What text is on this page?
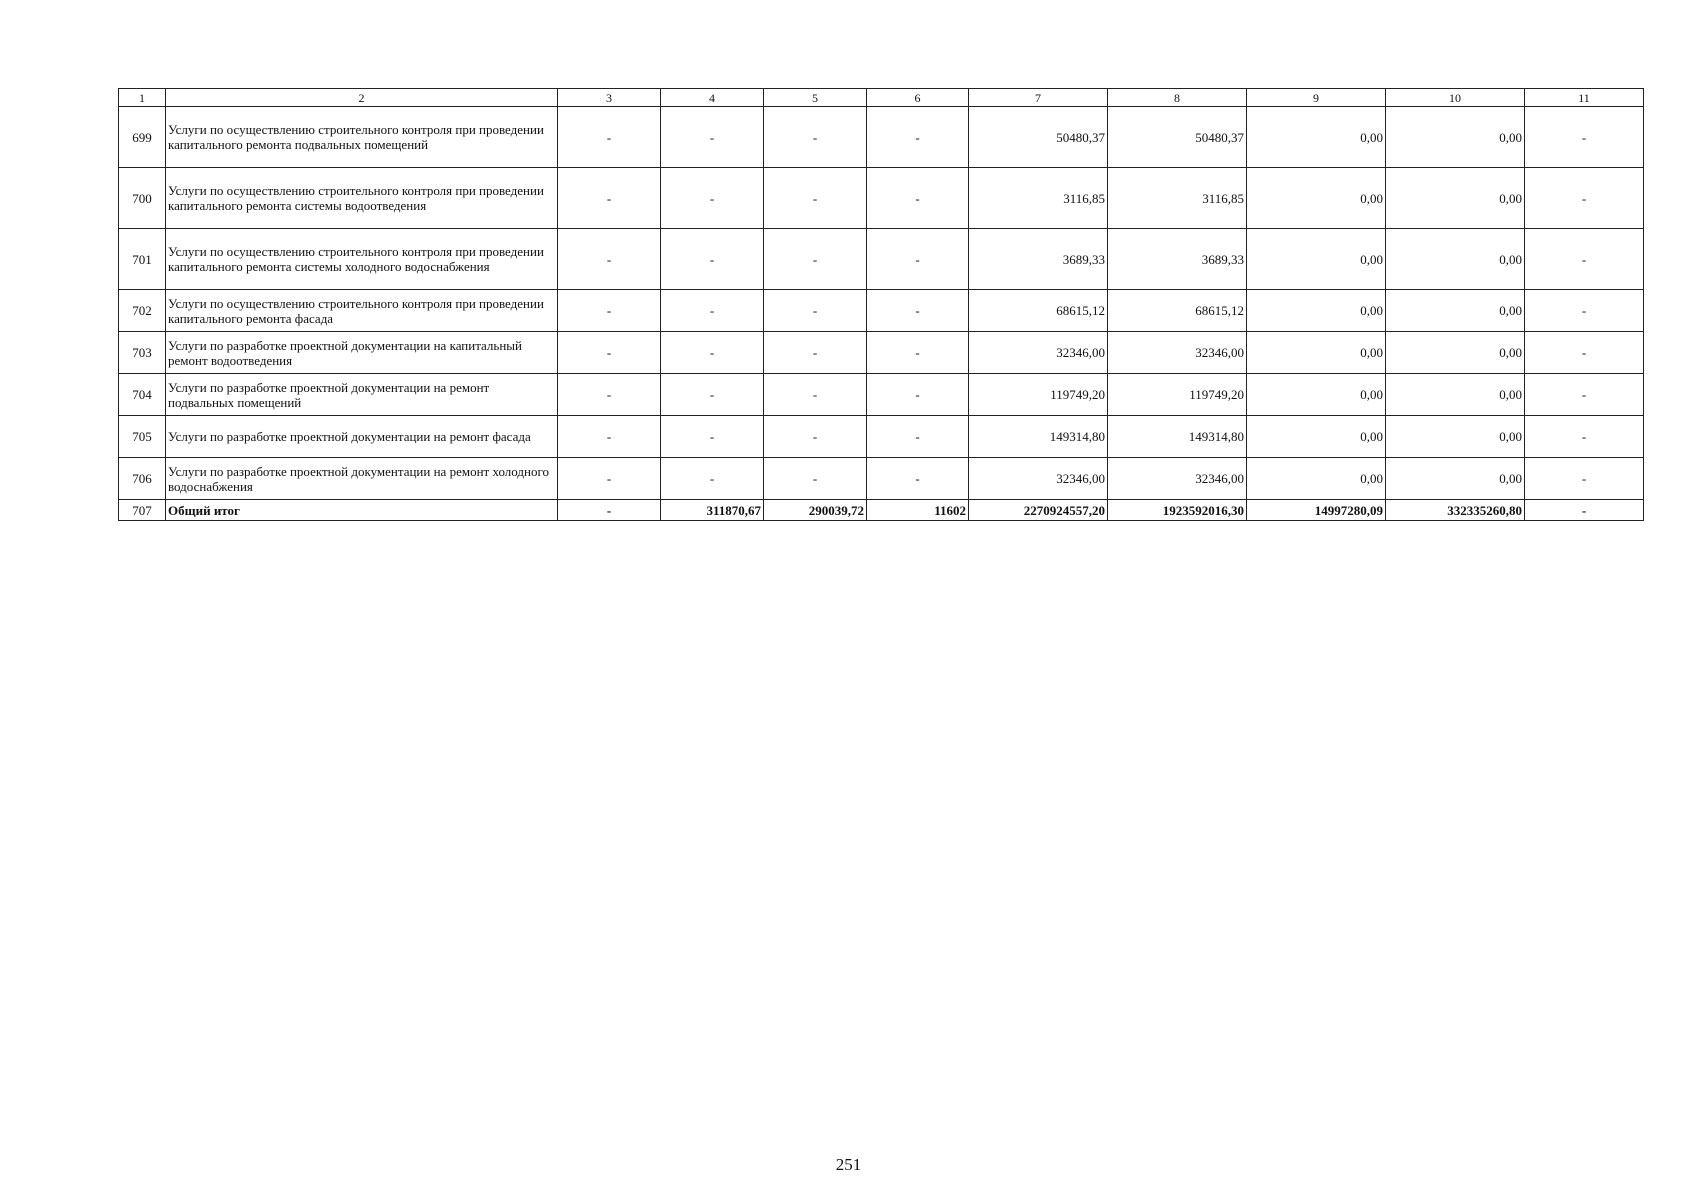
1	2	3	4	5	6	7	8	9	10	11
699	Услуги по осуществлению строительного контроля при проведении капитального ремонта подвальных помещений	-	-	-	-	50480,37	50480,37	0,00	0,00	-
700	Услуги по осуществлению строительного контроля при проведении капитального ремонта системы водоотведения	-	-	-	-	3116,85	3116,85	0,00	0,00	-
701	Услуги по осуществлению строительного контроля при проведении капитального ремонта системы холодного водоснабжения	-	-	-	-	3689,33	3689,33	0,00	0,00	-
702	Услуги по осуществлению строительного контроля при проведении капитального ремонта фасада	-	-	-	-	68615,12	68615,12	0,00	0,00	-
703	Услуги по разработке проектной документации на капитальный ремонт водоотведения	-	-	-	-	32346,00	32346,00	0,00	0,00	-
704	Услуги по разработке проектной документации на ремонт подвальных помещений	-	-	-	-	119749,20	119749,20	0,00	0,00	-
705	Услуги по разработке проектной документации на ремонт фасада	-	-	-	-	149314,80	149314,80	0,00	0,00	-
706	Услуги по разработке проектной документации на ремонт холодного водоснабжения	-	-	-	-	32346,00	32346,00	0,00	0,00	-
707	Общий итог	-	311870,67	290039,72	11602	2270924557,20	1923592016,30	14997280,09	332335260,80	-
251
